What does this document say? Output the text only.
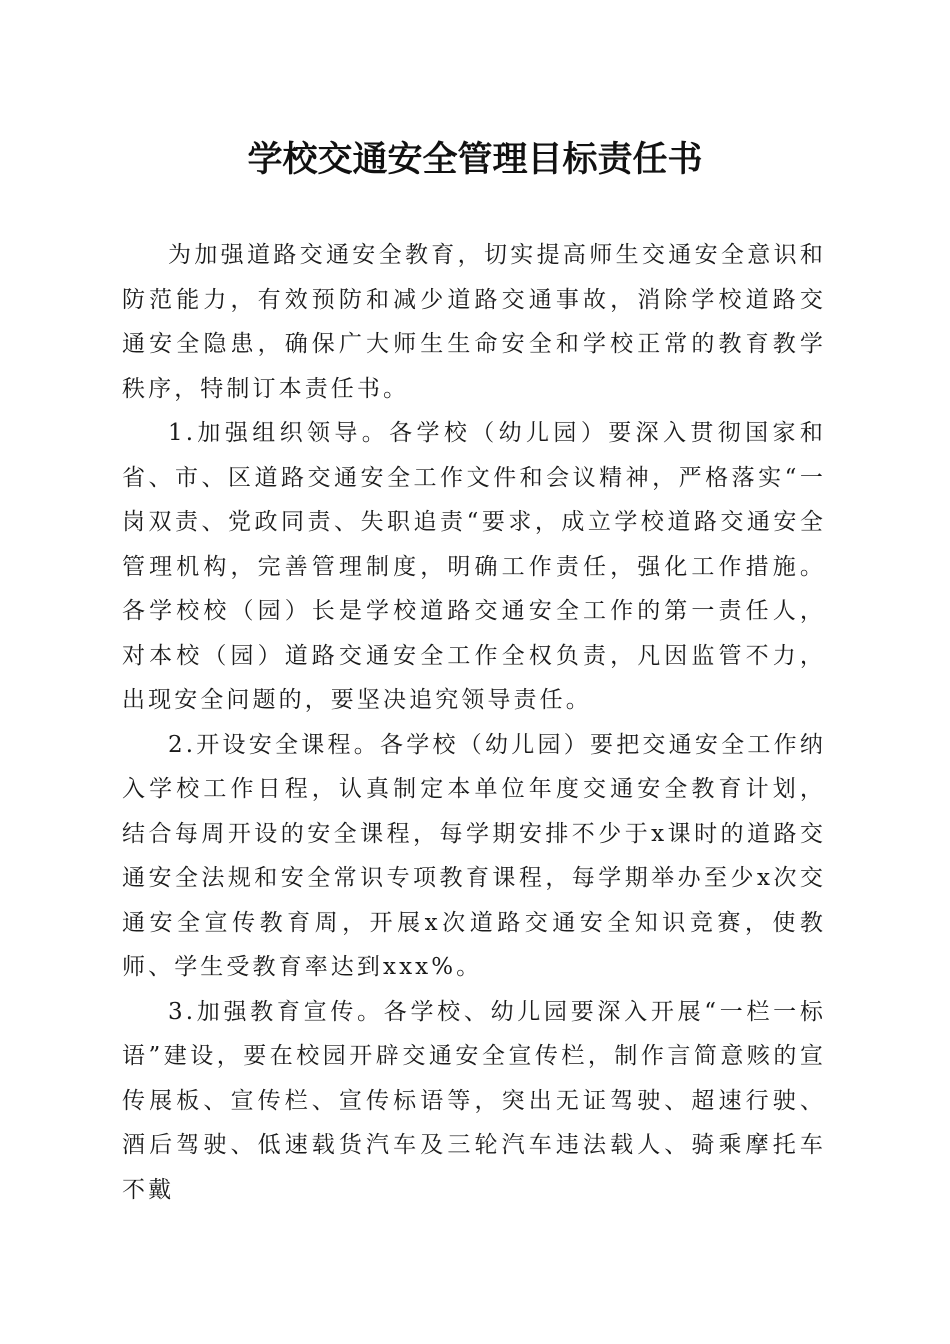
学校交通安全管理目标责任书

为加强道路交通安全教育，切实提高师生交通安全意识和防范能力，有效预防和减少道路交通事故，消除学校道路交通安全隐患，确保广大师生生命安全和学校正常的教育教学秩序，特制订本责任书。

1.加强组织领导。各学校（幼儿园）要深入贯彻国家和省、市、区道路交通安全工作文件和会议精神，严格落实“一岗双责、党政同责、失职追责“要求，成立学校道路交通安全管理机构，完善管理制度，明确工作责任，强化工作措施。各学校校（园）长是学校道路交通安全工作的第一责任人，对本校（园）道路交通安全工作全权负责，凡因监管不力，出现安全问题的，要坚决追究领导责任。

2.开设安全课程。各学校（幼儿园）要把交通安全工作纳入学校工作日程，认真制定本单位年度交通安全教育计划，结合每周开设的安全课程，每学期安排不少于x课时的道路交通安全法规和安全常识专项教育课程，每学期举办至少x次交通安全宣传教育周，开展x次道路交通安全知识竞赛，使教师、学生受教育率达到xxx%。

3.加强教育宣传。各学校、幼儿园要深入开展“一栏一标语”建设，要在校园开辟交通安全宣传栏，制作言简意赅的宣传展板、宣传栏、宣传标语等，突出无证驾驶、超速行驶、酒后驾驶、低速载货汽车及三轮汽车违法载人、骑乘摩托车不戴
